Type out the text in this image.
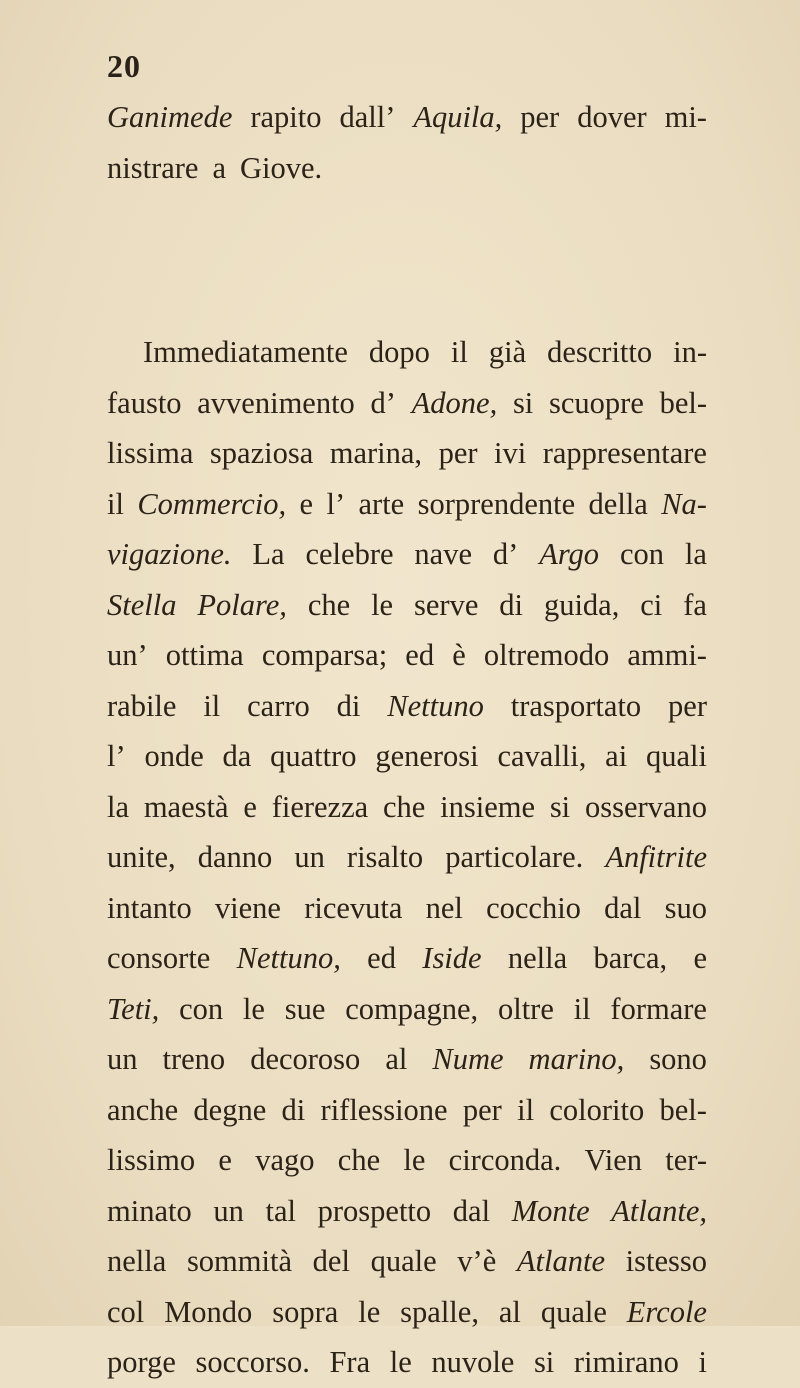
20
Ganimede rapito dall’ Aquila, per dover mi-
nistrare a Giove.
Immediatamente dopo il già descritto in-
fausto avvenimento d’ Adone, si scuopre bel-
lissima spaziosa marina, per ivi rappresentare
il Commercio, e l’ arte sorprendente della Na-
vigazione. La celebre nave d’ Argo con la
Stella Polare, che le serve di guida, ci fa
un’ ottima comparsa; ed è oltremodo ammi-
rabile il carro di Nettuno trasportato per
l’ onde da quattro generosi cavalli, ai quali
la maestà e fierezza che insieme si osservano
unite, danno un risalto particolare. Anfitrite
intanto viene ricevuta nel cocchio dal suo
consorte Nettuno, ed Iside nella barca, e
Teti, con le sue compagne, oltre il formare
un treno decoroso al Nume marino, sono
anche degne di riflessione per il colorito bel-
lissimo e vago che le circonda. Vien ter-
minato un tal prospetto dal Monte Atlante,
nella sommità del quale v’è Atlante istesso
col Mondo sopra le spalle, al quale Ercole
porge soccorso. Fra le nuvole si rimirano i
